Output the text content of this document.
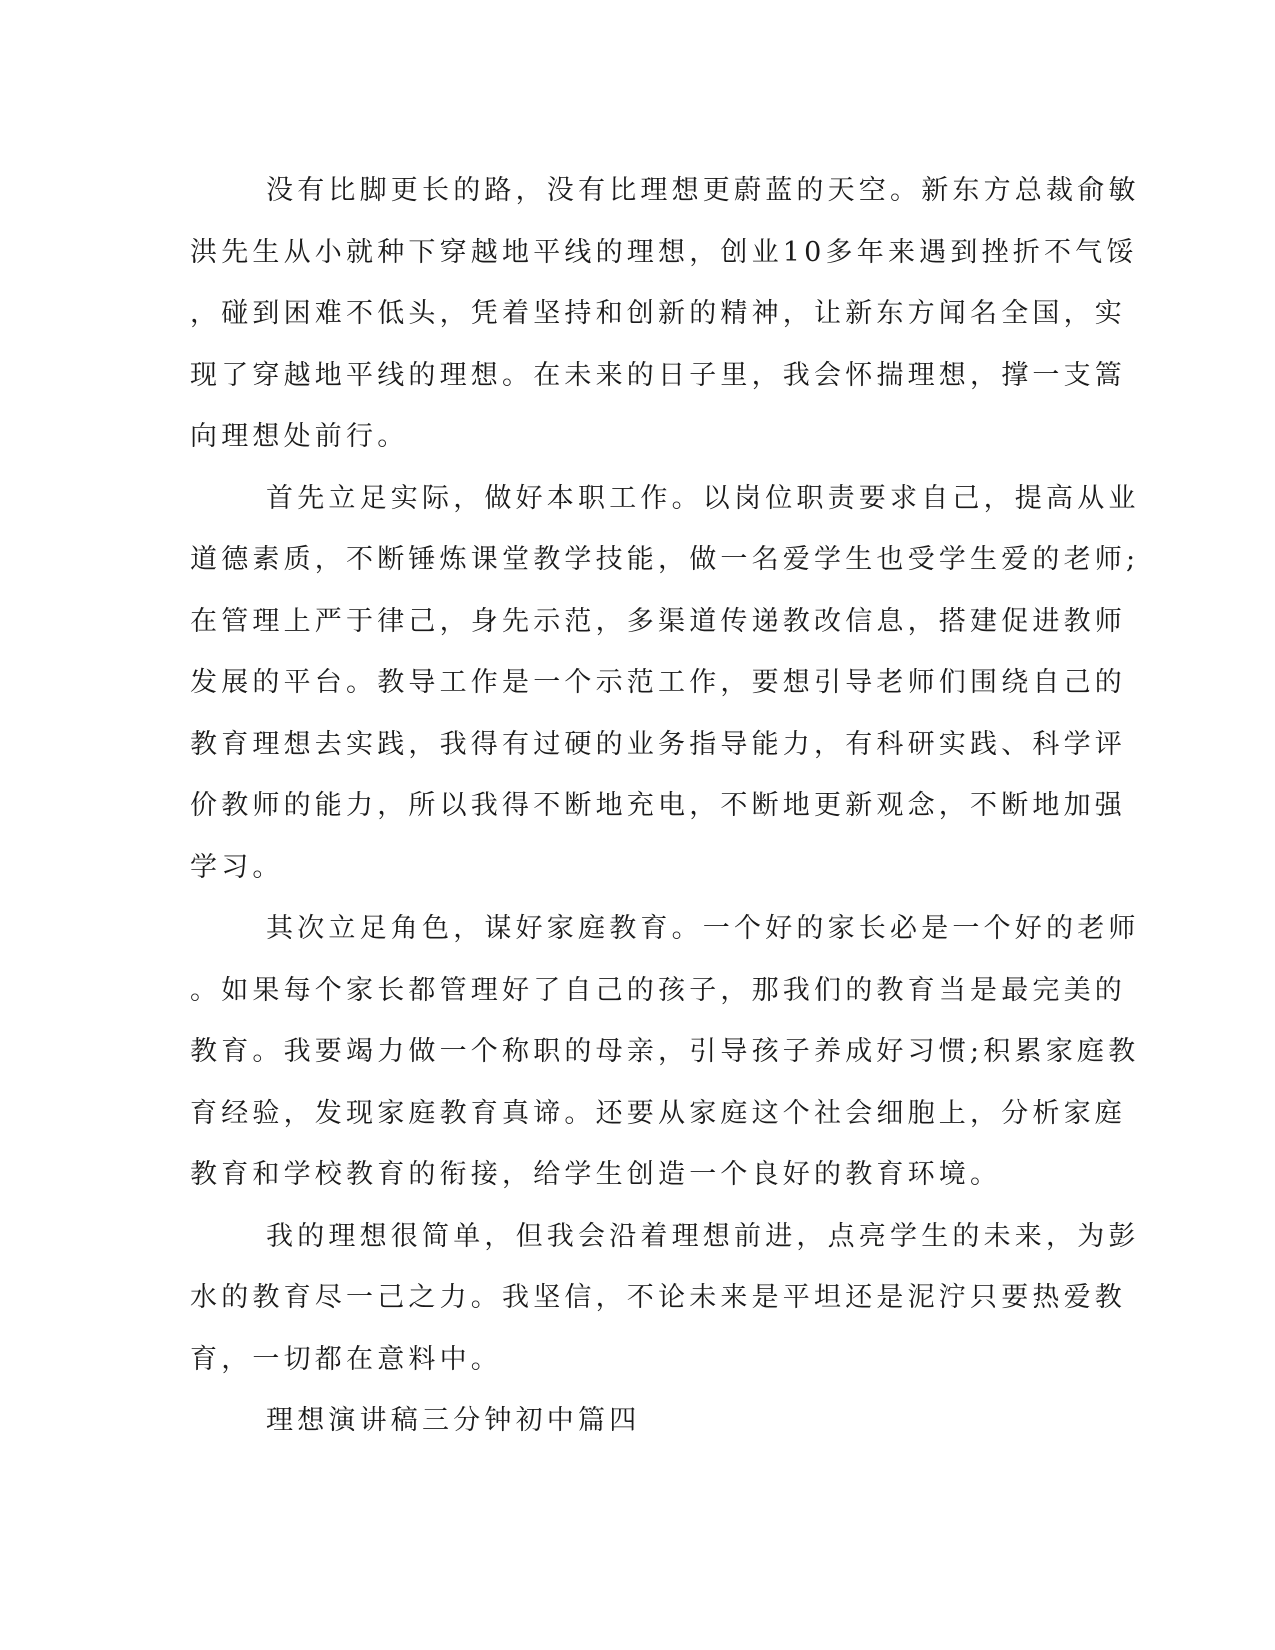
没有比脚更长的路，没有比理想更蔚蓝的天空。新东方总裁俞敏
洪先生从小就种下穿越地平线的理想，创业10多年来遇到挫折不气馁
，碰到困难不低头，凭着坚持和创新的精神，让新东方闻名全国，实
现了穿越地平线的理想。在未来的日子里，我会怀揣理想，撑一支篙
向理想处前行。
首先立足实际，做好本职工作。以岗位职责要求自己，提高从业
道德素质，不断锤炼课堂教学技能，做一名爱学生也受学生爱的老师;
在管理上严于律己，身先示范，多渠道传递教改信息，搭建促进教师
发展的平台。教导工作是一个示范工作，要想引导老师们围绕自己的
教育理想去实践，我得有过硬的业务指导能力，有科研实践、科学评
价教师的能力，所以我得不断地充电，不断地更新观念，不断地加强
学习。
其次立足角色，谋好家庭教育。一个好的家长必是一个好的老师
。如果每个家长都管理好了自己的孩子，那我们的教育当是最完美的
教育。我要竭力做一个称职的母亲，引导孩子养成好习惯;积累家庭教
育经验，发现家庭教育真谛。还要从家庭这个社会细胞上，分析家庭
教育和学校教育的衔接，给学生创造一个良好的教育环境。
我的理想很简单，但我会沿着理想前进，点亮学生的未来，为彭
水的教育尽一己之力。我坚信，不论未来是平坦还是泥泞只要热爱教
育，一切都在意料中。
理想演讲稿三分钟初中篇四
